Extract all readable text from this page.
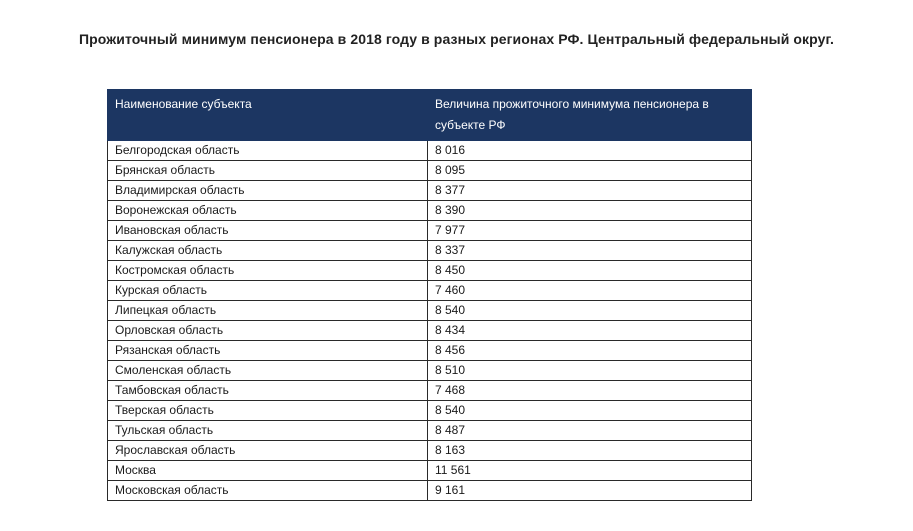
Прожиточный минимум пенсионера в 2018 году в разных регионах РФ. Центральный федеральный округ.
Наименование субъекта	Величина прожиточного минимума пенсионера в субъекте РФ
Белгородская область	8 016
Брянская область	8 095
Владимирская область	8 377
Воронежская область	8 390
Ивановская область	7 977
Калужская область	8 337
Костромская область	8 450
Курская область	7 460
Липецкая область	8 540
Орловская область	8 434
Рязанская область	8 456
Смоленская область	8 510
Тамбовская область	7 468
Тверская область	8 540
Тульская область	8 487
Ярославская область	8 163
Москва	11 561
Московская область	9 161
